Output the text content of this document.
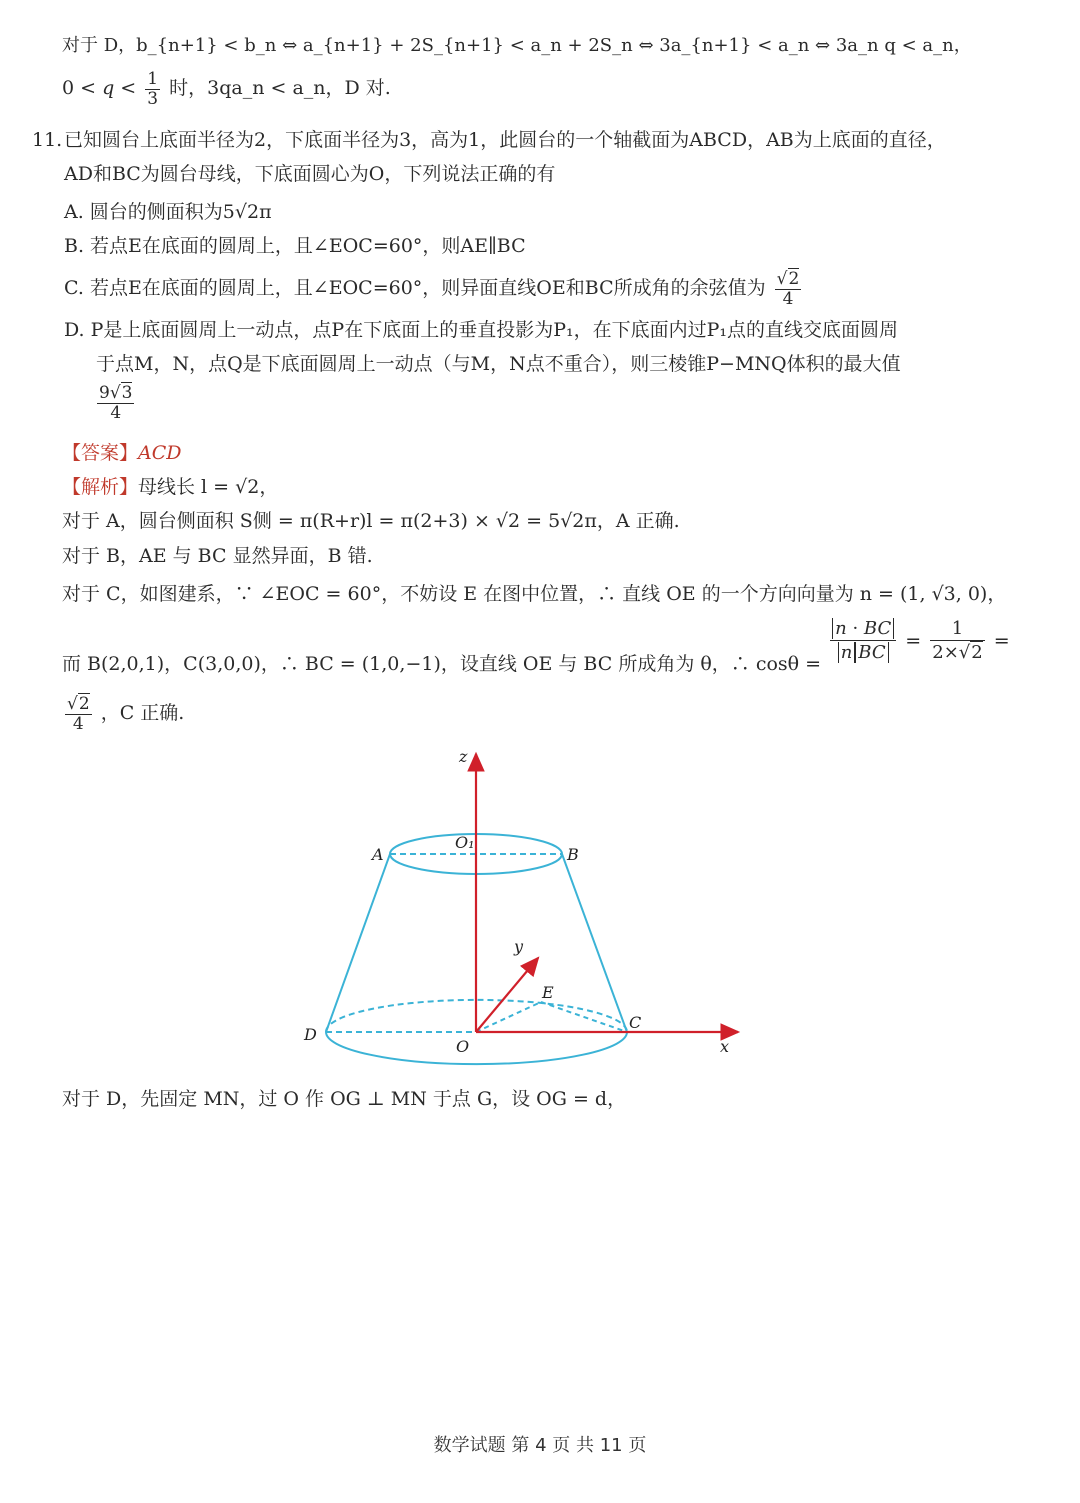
对于 D，b_{n+1} < b_n ⇔ a_{n+1} + 2S_{n+1} < a_n + 2S_n ⇔ 3a_{n+1} < a_n ⇔ 3a_n q < a_n，
$0 < q < \frac{1}{3}$ 时，3qa_n < a_n，D 对.
11. 已知圆台上底面半径为2，下底面半径为3，高为1，此圆台的一个轴截面为ABCD，AB为上底面的直径，
AD和BC为圆台母线，下底面圆心为O，下列说法正确的有
A. 圆台的侧面积为5√2π
B. 若点E在底面的圆周上，且∠EOC=60°，则AE∥BC
C. 若点E在底面的圆周上，且∠EOC=60°，则异面直线OE和BC所成角的余弦值为 $\frac{√2}{4}$
D. P是上底面圆周上一动点，点P在下底面上的垂直投影为P₁，在下底面内过P₁点的直线交底面圆周
于点M，N，点Q是下底面圆周上一动点（与M，N点不重合），则三棱锥P−MNQ体积的最大值
$\frac{9√3}{4}$
【答案】ACD
【解析】母线长 l = √2，
对于 A，圆台侧面积 S侧 = π(R+r)l = π(2+3) × √2 = 5√2π，A 正确.
对于 B，AE 与 BC 显然异面，B 错.
对于 C，如图建系，∵ ∠EOC = 60°，不妨设 E 在图中位置，∴ 直线 OE 的一个方向向量为 n = (1, √3, 0)，
而 B(2,0,1)，C(3,0,0)，∴ BC = (1,0,−1)，设直线 OE 与 BC 所成角为 θ，∴ $\cos\theta = \frac{n \cdot BC}{\text{n BC}} = \frac{1}{2\times√2}$ =
$\frac{√2}{4}$ ，C 正确.
z
A
O₁
B
y
E
D
C
O	x
对于 D，先固定 MN，过 O 作 OG ⊥ MN 于点 G，设 OG = d，
数学试题 第 4 页 共 11 页
